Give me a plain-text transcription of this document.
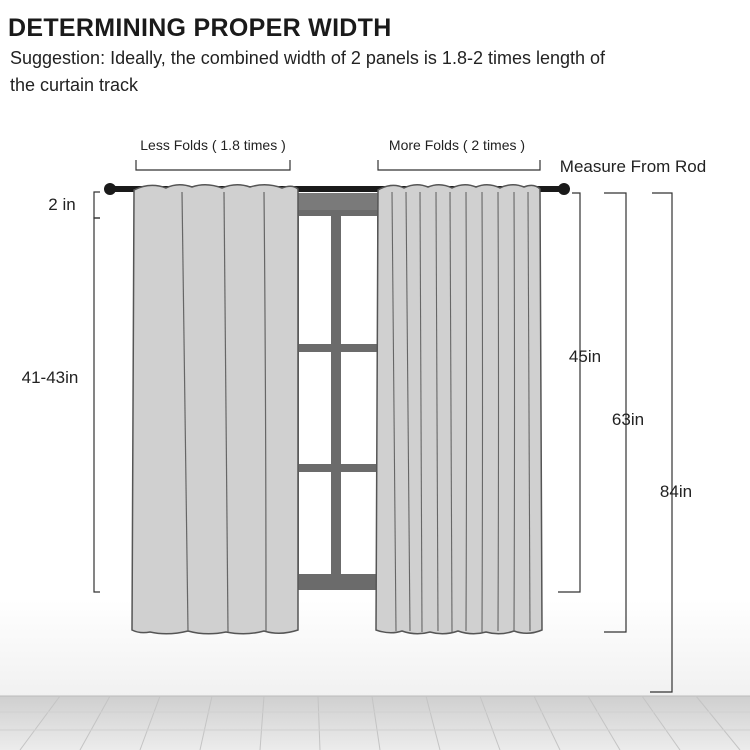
DETERMINING PROPER WIDTH
Suggestion: Ideally, the combined width of 2 panels is 1.8-2 times length of
the curtain track
Less Folds ( 1.8 times )	More Folds ( 2 times )
Measure From Rod
2 in
41-43in
45in
63in
84in
